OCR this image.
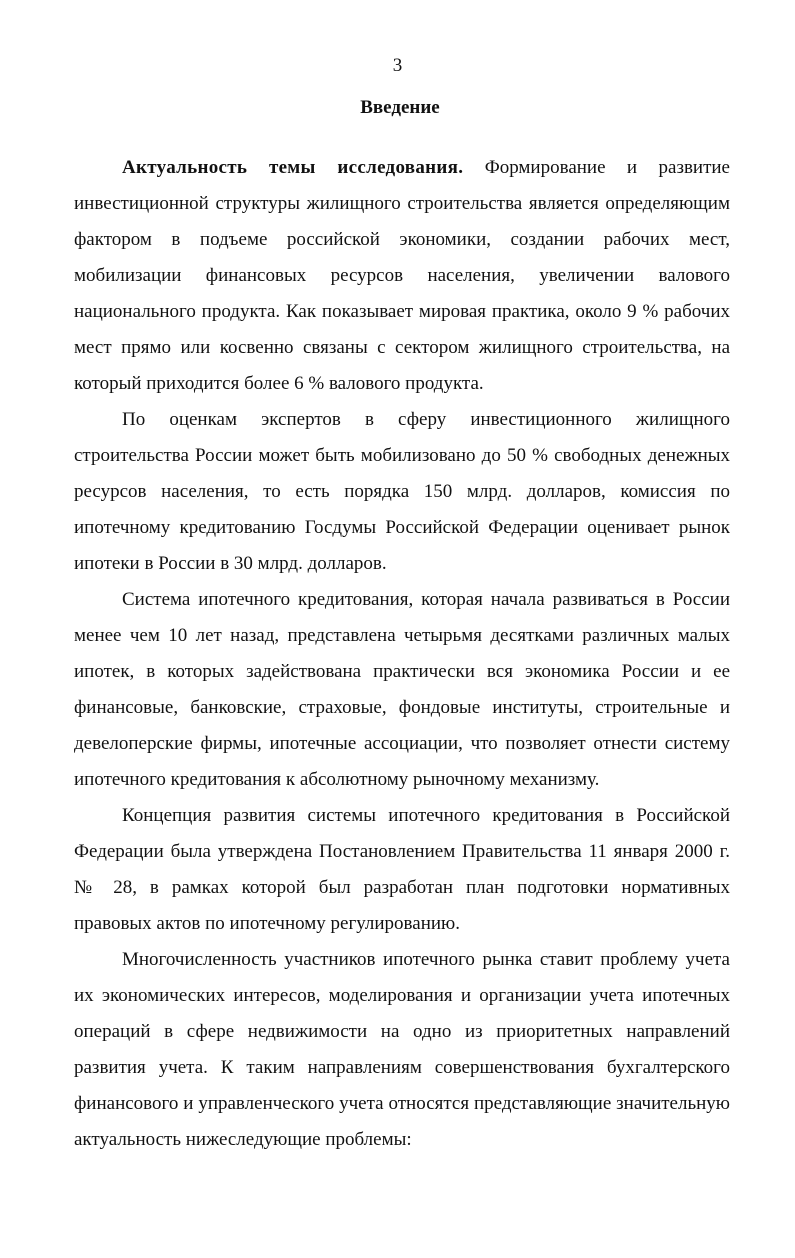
3
Введение

Актуальность темы исследования. Формирование и развитие инвестиционной структуры жилищного строительства является определяющим фактором в подъеме российской экономики, создании рабочих мест, мобилизации финансовых ресурсов населения, увеличении валового национального продукта. Как показывает мировая практика, около 9 % рабочих мест прямо или косвенно связаны с сектором жилищного строительства, на который приходится более 6 % валового продукта.

По оценкам экспертов в сферу инвестиционного жилищного строительства России может быть мобилизовано до 50 % свободных денежных ресурсов населения, то есть порядка 150 млрд. долларов, комиссия по ипотечному кредитованию Госдумы Российской Федерации оценивает рынок ипотеки в России в 30 млрд. долларов.

Система ипотечного кредитования, которая начала развиваться в России менее чем 10 лет назад, представлена четырьмя десятками различных малых ипотек, в которых задействована практически вся экономика России и ее финансовые, банковские, страховые, фондовые институты, строительные и девелоперские фирмы, ипотечные ассоциации, что позволяет отнести систему ипотечного кредитования к абсолютному рыночному механизму.

Концепция развития системы ипотечного кредитования в Российской Федерации была утверждена Постановлением Правительства 11 января 2000 г. № 28, в рамках которой был разработан план подготовки нормативных правовых актов по ипотечному регулированию.

Многочисленность участников ипотечного рынка ставит проблему учета их экономических интересов, моделирования и организации учета ипотечных операций в сфере недвижимости на одно из приоритетных направлений развития учета. К таким направлениям совершенствования бухгалтерского финансового и управленческого учета относятся представляющие значительную актуальность нижеследующие проблемы:
